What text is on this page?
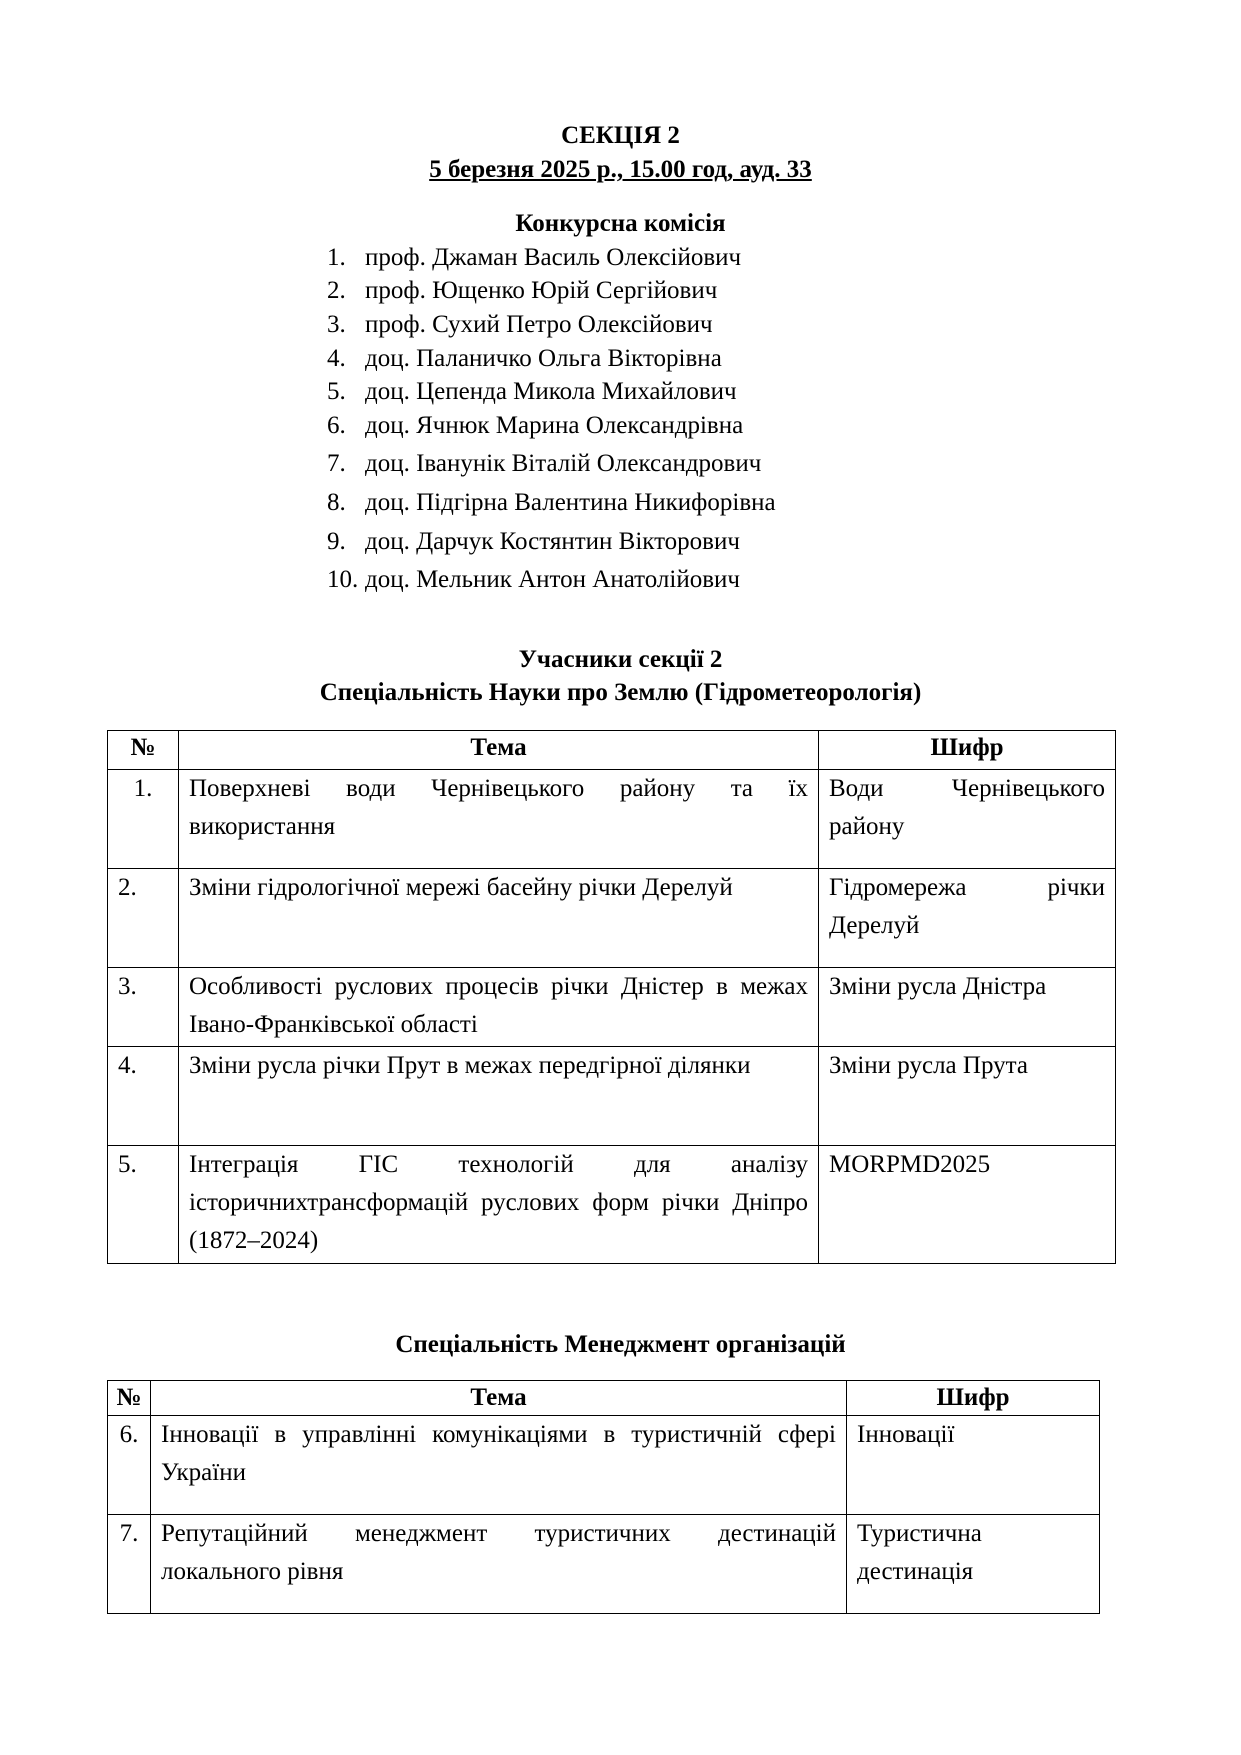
СЕКЦІЯ 2
5 березня 2025 р., 15.00 год, ауд. 33
Конкурсна комісія
1. проф. Джаман Василь Олексійович
2. проф. Ющенко Юрій Сергійович
3. проф. Сухий Петро Олексійович
4. доц. Паланичко Ольга Вікторівна
5. доц. Цепенда Микола Михайлович
6. доц. Ячнюк Марина Олександрівна
7. доц. Іванунік Віталій Олександрович
8. доц. Підгірна Валентина Никифорівна
9. доц. Дарчук Костянтин Вікторович
10. доц. Мельник Антон Анатолійович
Учасники секції 2
Спеціальність Науки про Землю (Гідрометеорологія)
№	Тема	Шифр
1.	Поверхневі води Чернівецького району та їх використання	Води Чернівецького району
2.	Зміни гідрологічної мережі басейну річки Дерелуй	Гідромережа річки Дерелуй
3.	Особливості руслових процесів річки Дністер в межах Івано-Франківської області	Зміни русла Дністра
4.	Зміни русла річки Прут в межах передгірної ділянки	Зміни русла Прута
5.	Інтеграція ГІС технологій для аналізу історичнихтрансформацій руслових форм річки Дніпро (1872–2024)	MORPMD2025
Спеціальність Менеджмент організацій
№	Тема	Шифр
6.	Інновації в управлінні комунікаціями в туристичній сфері України	Інновації
7.	Репутаційний менеджмент туристичних дестинацій локального рівня	Туристична дестинація
